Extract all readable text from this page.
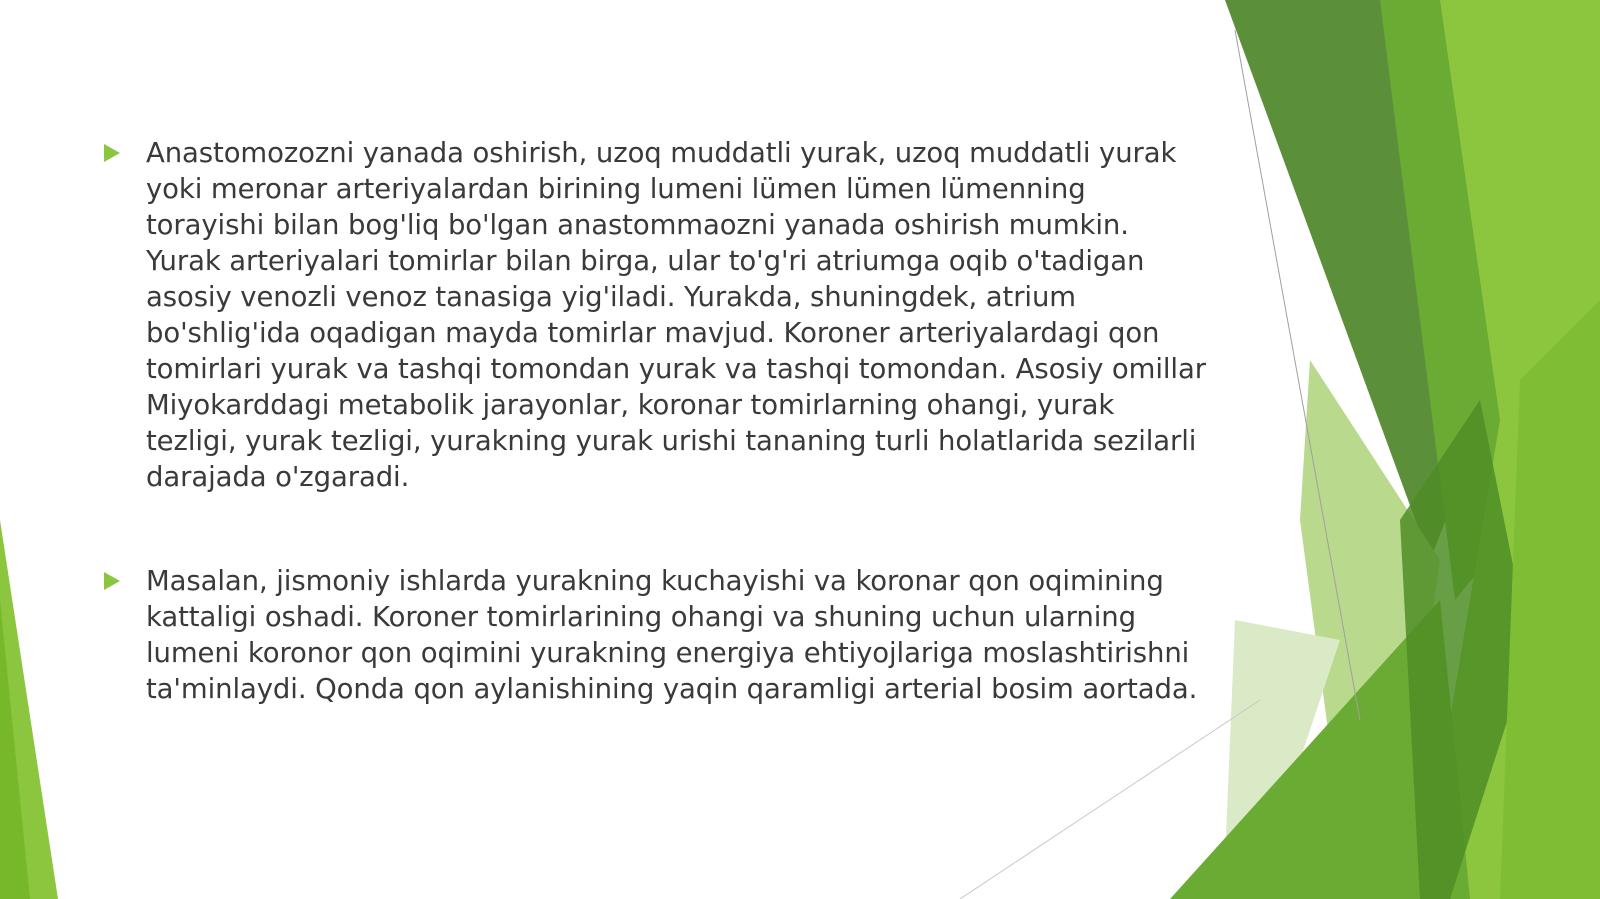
Anastomozozni yanada oshirish, uzoq muddatli yurak, uzoq muddatli yurak yoki meronar arteriyalardan birining lumeni lümen lümen lümenning torayishi bilan bog'liq bo'lgan anastommaozni yanada oshirish mumkin. Yurak arteriyalari tomirlar bilan birga, ular to'g'ri atriumga oqib o'tadigan asosiy venozli venoz tanasiga yig'iladi. Yurakda, shuningdek, atrium bo'shlig'ida oqadigan mayda tomirlar mavjud. Koroner arteriyalardagi qon tomirlari yurak va tashqi tomondan yurak va tashqi tomondan. Asosiy omillar Miyokarddagi metabolik jarayonlar, koronar tomirlarning ohangi, yurak tezligi, yurak tezligi, yurakning yurak urishi tananing turli holatlarida sezilarli darajada o'zgaradi.

Masalan, jismoniy ishlarda yurakning kuchayishi va koronar qon oqimining kattaligi oshadi. Koroner tomirlarining ohangi va shuning uchun ularning lumeni koronor qon oqimini yurakning energiya ehtiyojlariga moslashtirishni ta'minlaydi. Qonda qon aylanishining yaqin qaramligi arterial bosim aortada.
